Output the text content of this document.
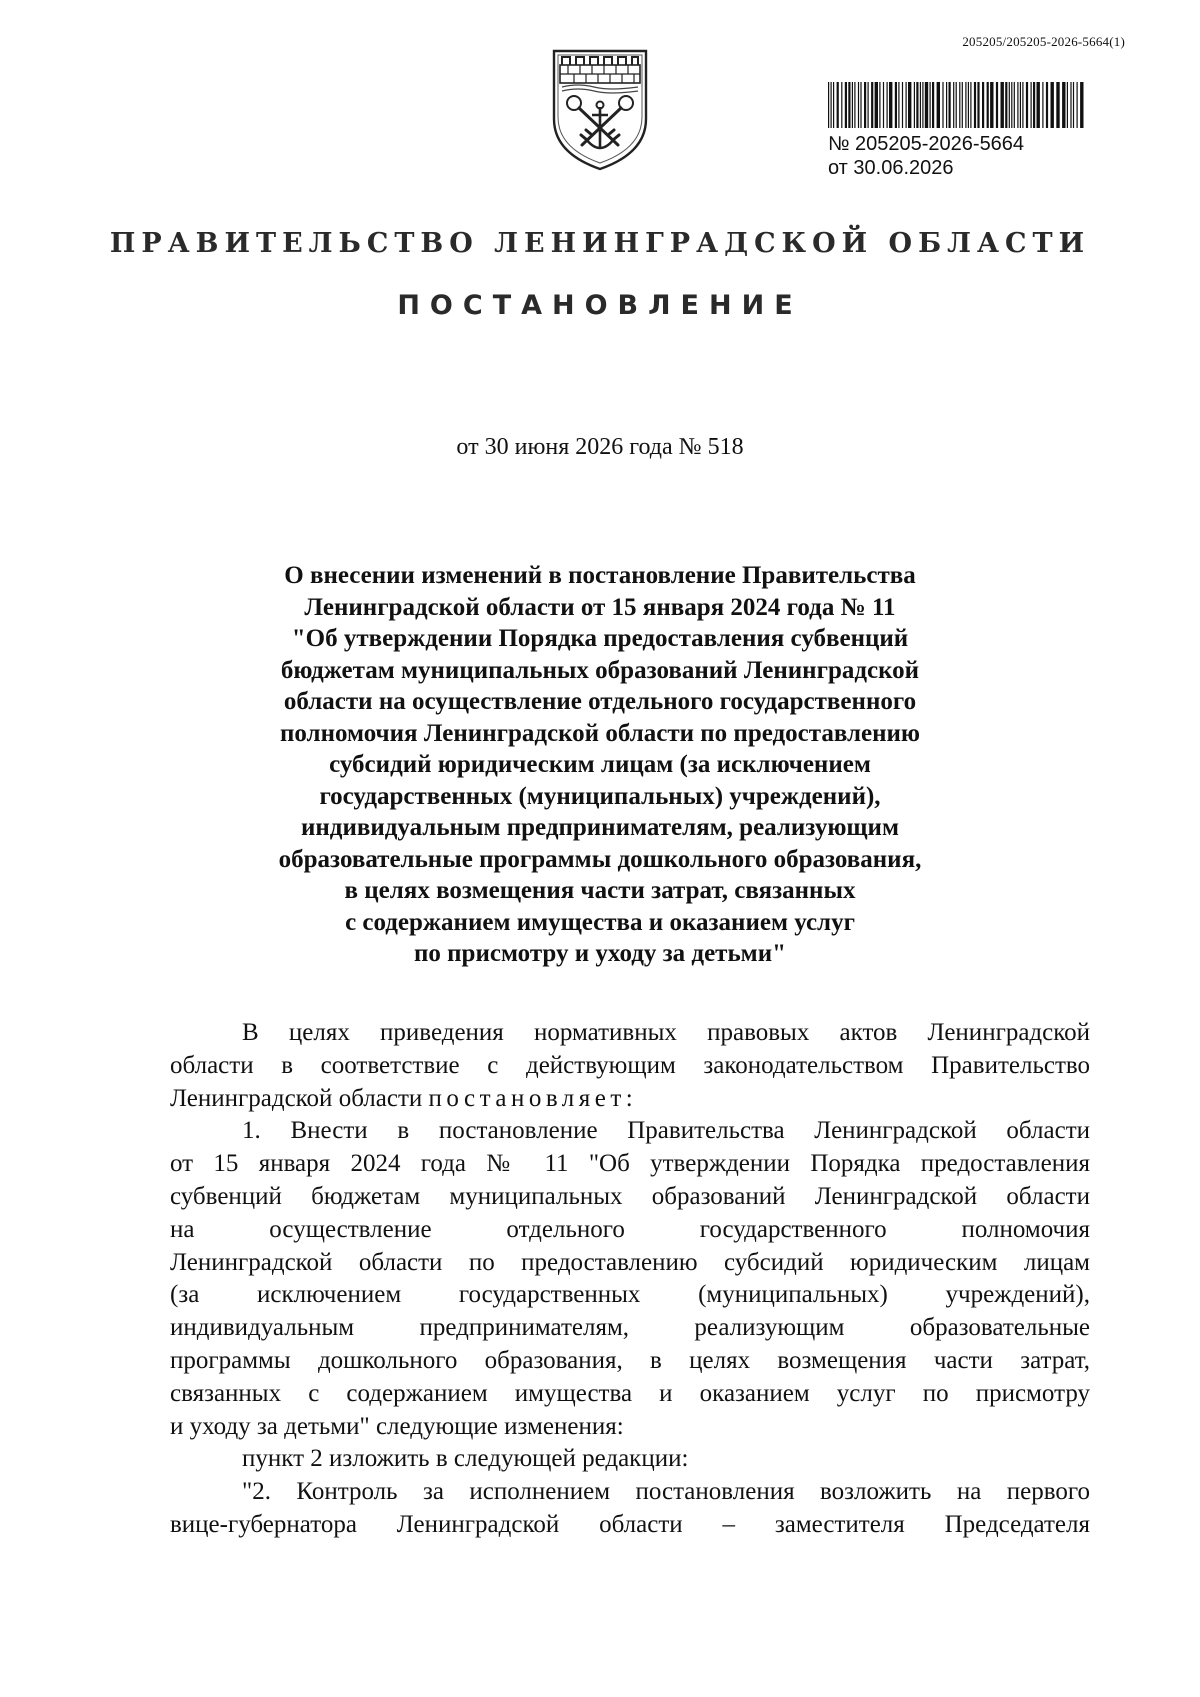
205205/205205-2026-5664(1)
№ 205205-2026-5664
от 30.06.2026
ПРАВИТЕЛЬСТВО ЛЕНИНГРАДСКОЙ ОБЛАСТИ
ПОСТАНОВЛЕНИЕ
от 30 июня 2026 года № 518
О внесении изменений в постановление Правительства
Ленинградской области от 15 января 2024 года № 11
"Об утверждении Порядка предоставления субвенций
бюджетам муниципальных образований Ленинградской
области на осуществление отдельного государственного
полномочия Ленинградской области по предоставлению
субсидий юридическим лицам (за исключением
государственных (муниципальных) учреждений),
индивидуальным предпринимателям, реализующим
образовательные программы дошкольного образования,
в целях возмещения части затрат, связанных
с содержанием имущества и оказанием услуг
по присмотру и уходу за детьми"

В целях приведения нормативных правовых актов Ленинградской

области в соответствие с действующим законодательством Правительство

Ленинградской области постановляет:

1. Внести в постановление Правительства Ленинградской области

от 15 января 2024 года № 11 "Об утверждении Порядка предоставления

субвенций бюджетам муниципальных образований Ленинградской области

на осуществление отдельного государственного полномочия

Ленинградской области по предоставлению субсидий юридическим лицам

(за исключением государственных (муниципальных) учреждений),

индивидуальным предпринимателям, реализующим образовательные

программы дошкольного образования, в целях возмещения части затрат,

связанных с содержанием имущества и оказанием услуг по присмотру

и уходу за детьми" следующие изменения:

пункт 2 изложить в следующей редакции:

"2. Контроль за исполнением постановления возложить на первого

вице-губернатора Ленинградской области – заместителя Председателя
